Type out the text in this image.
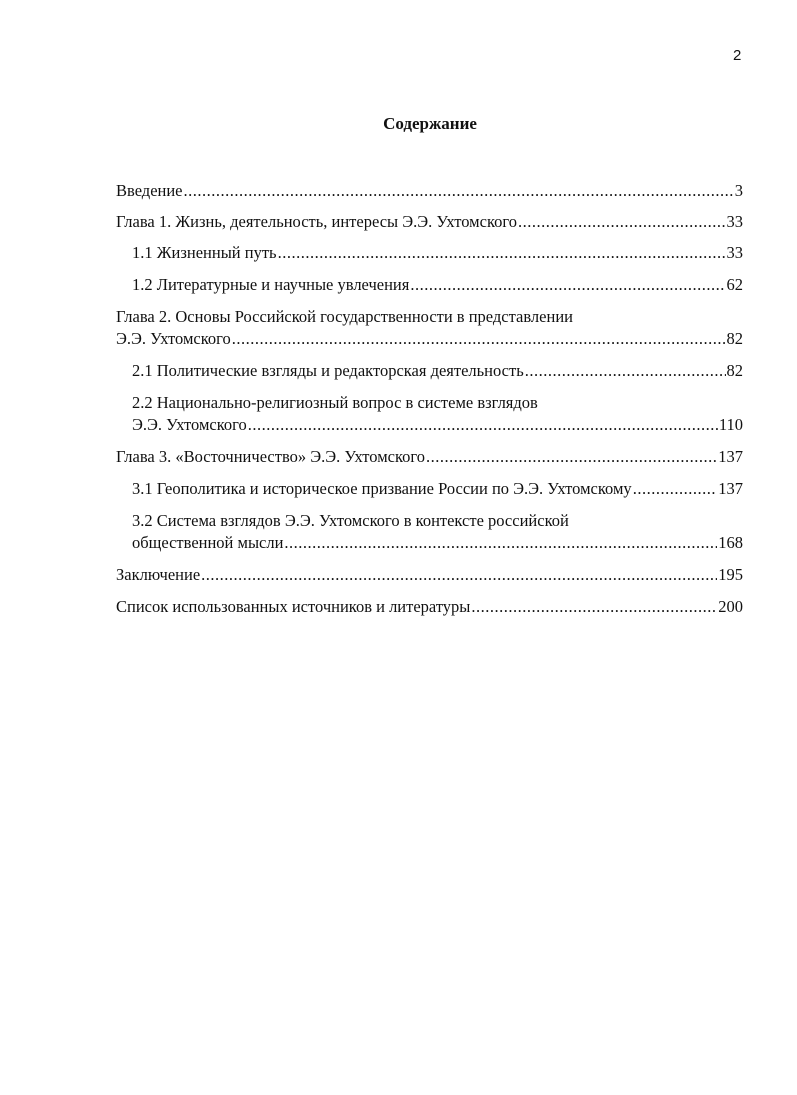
2
Содержание
Введение .....	3
Глава 1. Жизнь, деятельность, интересы Э.Э. Ухтомского .....	33
1.1 Жизненный путь .....	33
1.2 Литературные и научные увлечения .....	62
Глава 2. Основы Российской государственности в представлении
Э.Э. Ухтомского .....	82
2.1 Политические взгляды и редакторская деятельность .....	82
2.2 Национально-религиозный вопрос в системе взглядов
Э.Э. Ухтомского .....	110
Глава 3. «Восточничество» Э.Э. Ухтомского .....	137
3.1 Геополитика и историческое призвание России по Э.Э. Ухтомскому .....	137
3.2 Система взглядов Э.Э. Ухтомского в контексте российской
общественной мысли .....	168
Заключение .....	195
Список использованных источников и литературы .....	200
